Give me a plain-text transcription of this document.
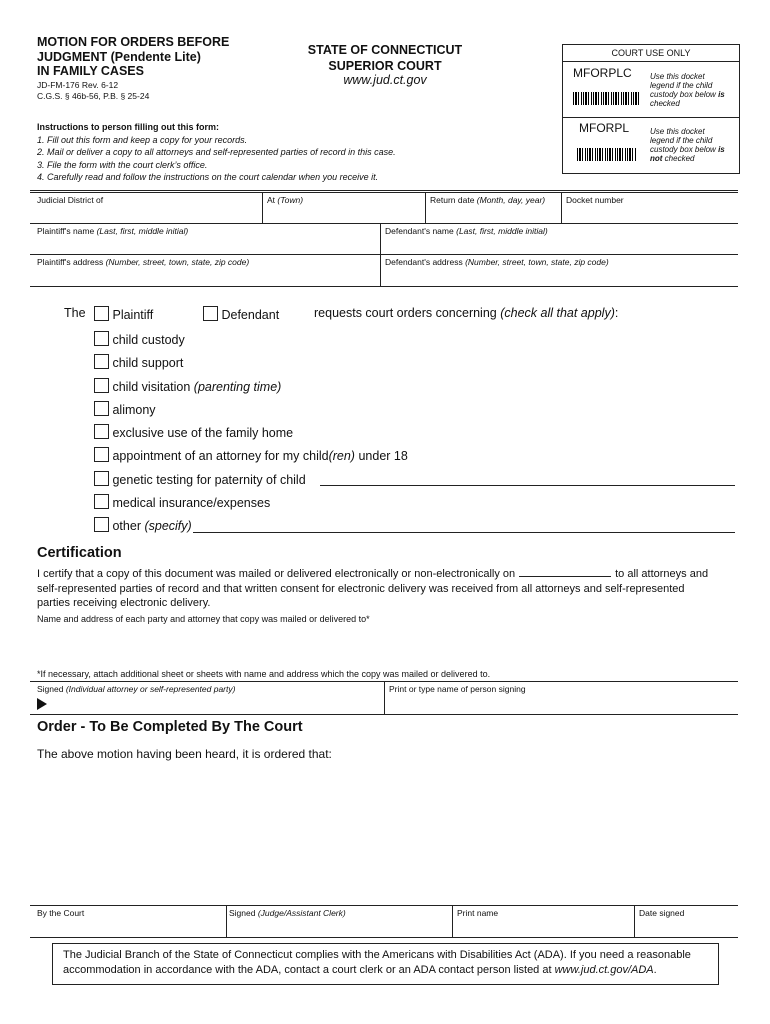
MOTION FOR ORDERS BEFORE
JUDGMENT (Pendente Lite)
IN FAMILY CASES
JD-FM-176 Rev. 6-12
C.G.S. § 46b-56, P.B. § 25-24
STATE OF CONNECTICUT
SUPERIOR COURT
www.jud.ct.gov
COURT USE ONLY
MFORPLC Use this docket
legend if the child
custody box below is
checked
MFORPL	Use this docket
legend if the child
custody box below is
not checked
Instructions to person filling out this form:
1. Fill out this form and keep a copy for your records.
2. Mail or deliver a copy to all attorneys and self-represented parties of record in this case.
3. File the form with the court clerk’s office.
4. Carefully read and follow the instructions on the court calendar when you receive it.
Judicial District of	At (Town)	Return date (Month, day, year)	Docket number
Plaintiff's name (Last, first, middle initial)	Defendant's name (Last, first, middle initial)
Plaintiff's address (Number, street, town, state, zip code)	Defendant's address (Number, street, town, state, zip code)
The	Plaintiff	Defendant	requests court orders concerning (check all that apply):
child custody
child support
child visitation (parenting time)
alimony
exclusive use of the family home
appointment of an attorney for my child(ren) under 18
genetic testing for paternity of child
medical insurance/expenses
other (specify)
Certification
I certify that a copy of this document was mailed or delivered electronically or non-electronically on	to all attorneys and
self-represented parties of record and that written consent for electronic delivery was received from all attorneys and self-represented
parties receiving electronic delivery.
Name and address of each party and attorney that copy was mailed or delivered to*
*If necessary, attach additional sheet or sheets with name and address which the copy was mailed or delivered to.
Signed (Individual attorney or self-represented party)	Print or type name of person signing
Order - To Be Completed By The Court
The above motion having been heard, it is ordered that:
By the Court	Signed (Judge/Assistant Clerk)	Print name	Date signed
The Judicial Branch of the State of Connecticut complies with the Americans with Disabilities Act (ADA). If you need a reasonable
accommodation in accordance with the ADA, contact a court clerk or an ADA contact person listed at www.jud.ct.gov/ADA.
